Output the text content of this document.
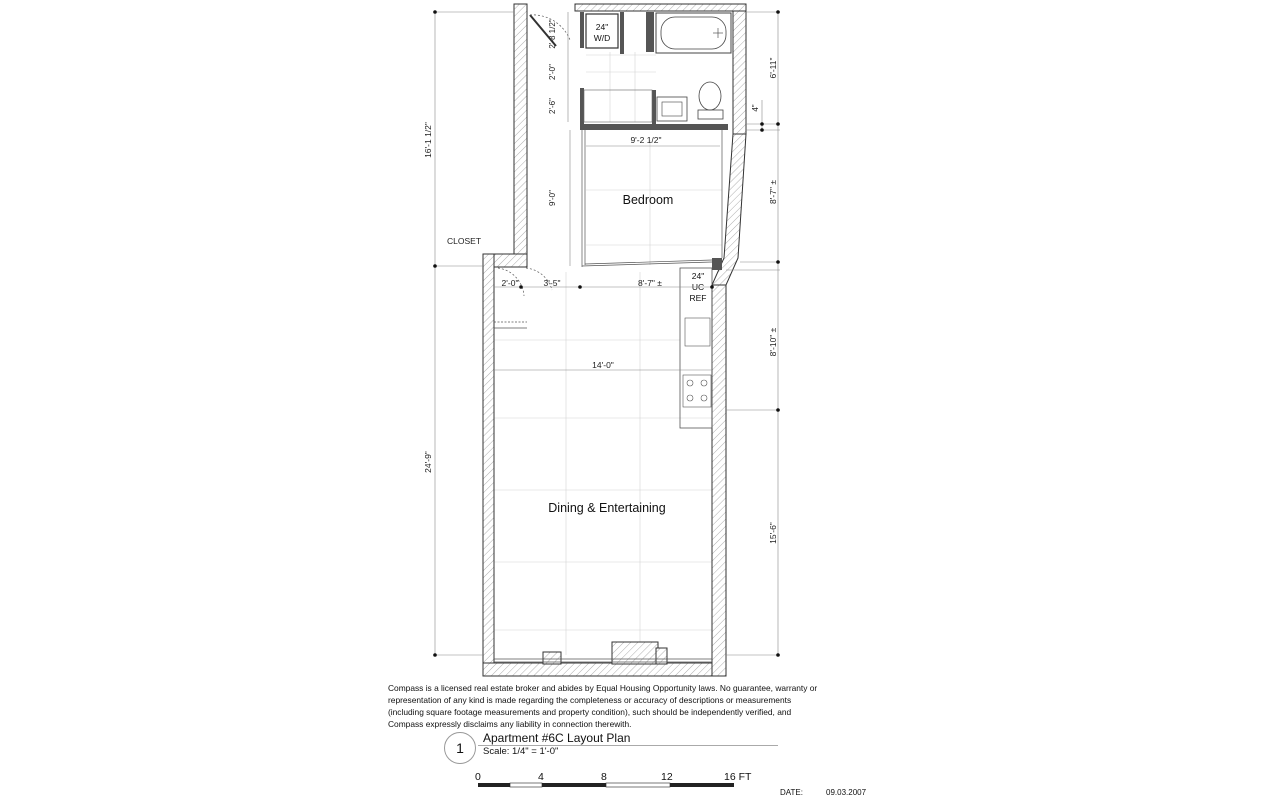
24"
W/D
24"
UC
REF
Bedroom
Dining & Entertaining
CLOSET
9'-2 1/2"
2'-0"	3'-5"	8'-7" ±
14'-0"
16'-1 1/2"
24'-9"
2'-8 1/2"
2'-0"
2'-6"
9'-0"
6'-11"
4"
8'-7" ±
8'-10" ±
15'-6"
Compass is a licensed real estate broker and abides by Equal Housing Opportunity laws. No guarantee, warranty or representation of any kind is made regarding the completeness or accuracy of descriptions or measurements (including square footage measurements and property condition), such should be independently verified, and Compass expressly disclaims any liability in connection therewith.
1
Apartment #6C Layout Plan
Scale: 1/4" = 1'-0"
0	4	8	12	16 FT
DATE:	09.03.2007
